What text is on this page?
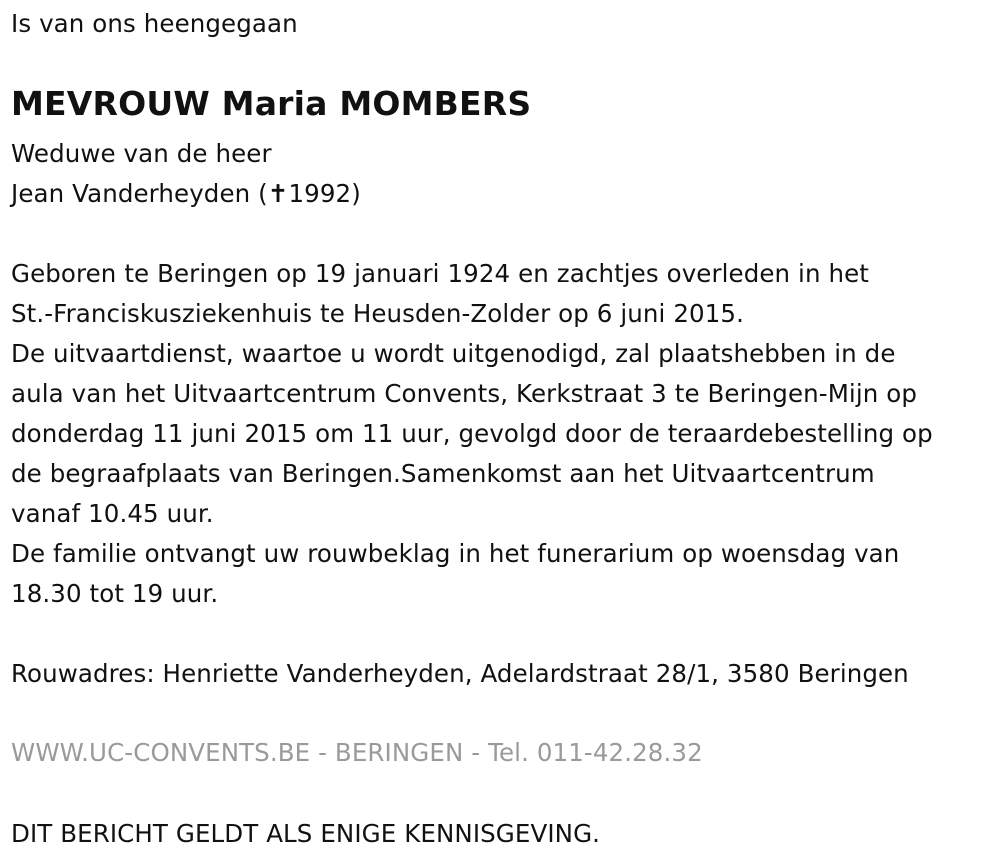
Is van ons heengegaan
MEVROUW Maria MOMBERS
Weduwe van de heer
Jean Vanderheyden (✝1992)
Geboren te Beringen op 19 januari 1924 en zachtjes overleden in het
St.-Franciskusziekenhuis te Heusden-Zolder op 6 juni 2015.
De uitvaartdienst, waartoe u wordt uitgenodigd, zal plaatshebben in de
aula van het Uitvaartcentrum Convents, Kerkstraat 3 te Beringen-Mijn op
donderdag 11 juni 2015 om 11 uur, gevolgd door de teraardebestelling op
de begraafplaats van Beringen.Samenkomst aan het Uitvaartcentrum
vanaf 10.45 uur.
De familie ontvangt uw rouwbeklag in het funerarium op woensdag van
18.30 tot 19 uur.
Rouwadres: Henriette Vanderheyden, Adelardstraat 28/1, 3580 Beringen
WWW.UC-CONVENTS.BE - BERINGEN - Tel. 011-42.28.32
DIT BERICHT GELDT ALS ENIGE KENNISGEVING.
